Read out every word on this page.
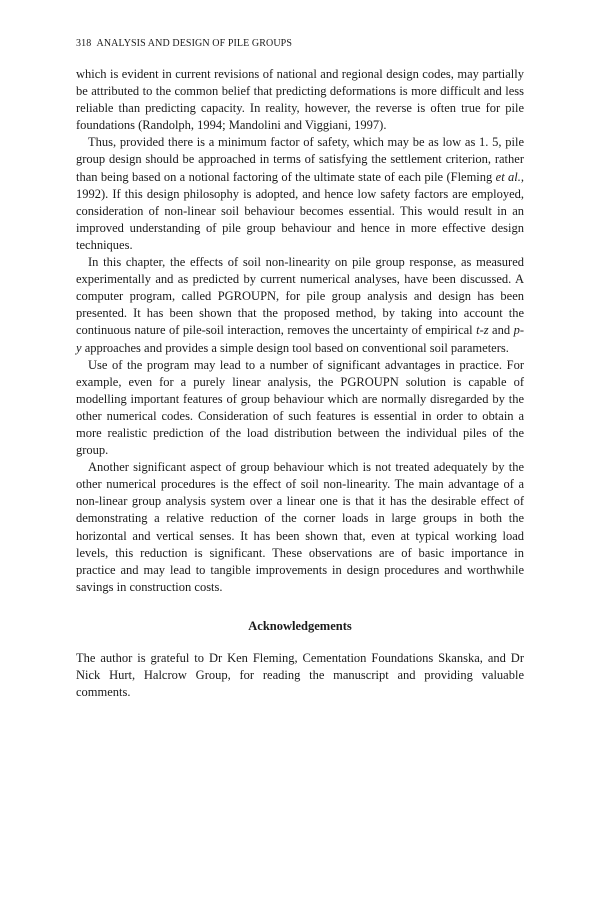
318 ANALYSIS AND DESIGN OF PILE GROUPS

which is evident in current revisions of national and regional design codes, may partially be attributed to the common belief that predicting deformations is more difficult and less reliable than predicting capacity. In reality, however, the reverse is often true for pile foundations (Randolph, 1994; Mandolini and Viggiani, 1997).

Thus, provided there is a minimum factor of safety, which may be as low as 1. 5, pile group design should be approached in terms of satisfying the settlement criterion, rather than being based on a notional factoring of the ultimate state of each pile (Fleming et al., 1992). If this design philosophy is adopted, and hence low safety factors are employed, consideration of non-linear soil behaviour becomes essential. This would result in an improved understanding of pile group behaviour and hence in more effective design techniques.

In this chapter, the effects of soil non-linearity on pile group response, as measured experimentally and as predicted by current numerical analyses, have been discussed. A computer program, called PGROUPN, for pile group analysis and design has been presented. It has been shown that the proposed method, by taking into account the continuous nature of pile-soil interaction, removes the uncertainty of empirical t-z and p-y approaches and provides a simple design tool based on conventional soil parameters.

Use of the program may lead to a number of significant advantages in practice. For example, even for a purely linear analysis, the PGROUPN solution is capable of modelling important features of group behaviour which are normally disregarded by the other numerical codes. Consideration of such features is essential in order to obtain a more realistic prediction of the load distribution between the individual piles of the group.

Another significant aspect of group behaviour which is not treated adequately by the other numerical procedures is the effect of soil non-linearity. The main advantage of a non-linear group analysis system over a linear one is that it has the desirable effect of demonstrating a relative reduction of the corner loads in large groups in both the horizontal and vertical senses. It has been shown that, even at typical working load levels, this reduction is significant. These observations are of basic importance in practice and may lead to tangible improvements in design procedures and worthwhile savings in construction costs.

Acknowledgements

The author is grateful to Dr Ken Fleming, Cementation Foundations Skanska, and Dr Nick Hurt, Halcrow Group, for reading the manuscript and providing valuable comments.
